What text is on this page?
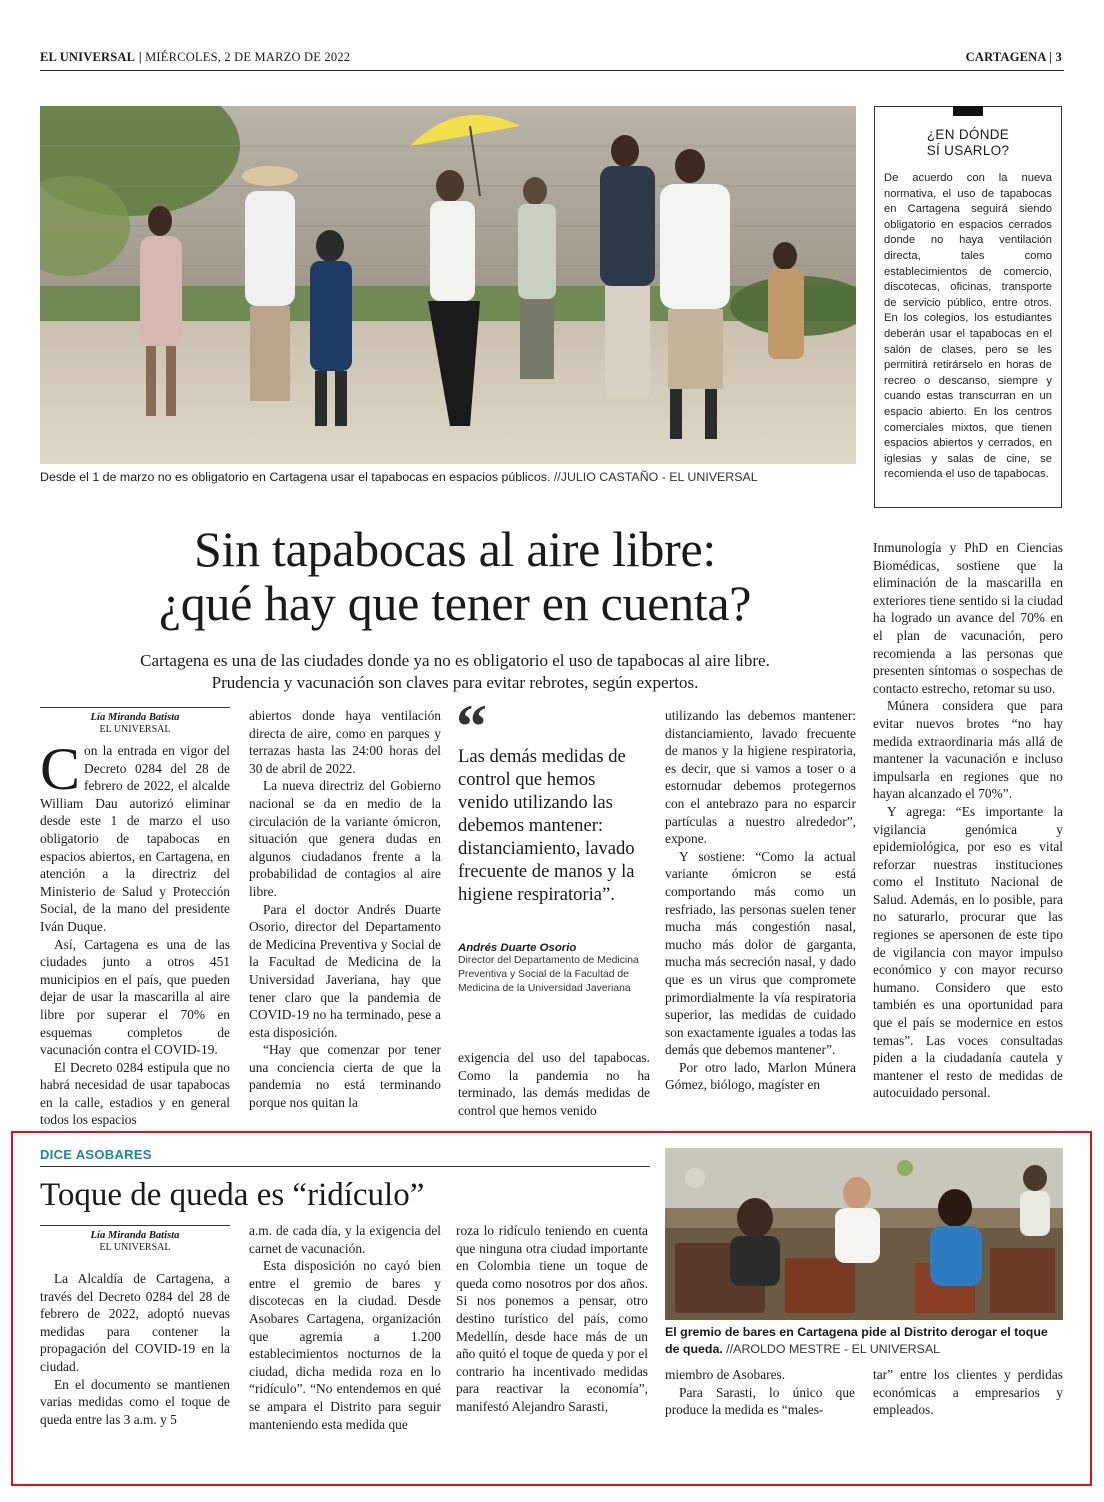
EL UNIVERSAL | MIÉRCOLES, 2 DE MARZO DE 2022	CARTAGENA | 3
Desde el 1 de marzo no es obligatorio en Cartagena usar el tapabocas en espacios públicos. //JULIO CASTAÑO - EL UNIVERSAL
¿EN DÓNDE
SÍ USARLO?

De acuerdo con la nueva normativa, el uso de tapabocas en Cartagena seguirá siendo obligatorio en espacios cerrados donde no haya ventilación directa, tales como establecimientos de comercio, discotecas, oficinas, transporte de servicio público, entre otros. En los colegios, los estudiantes deberán usar el tapabocas en el salón de clases, pero se les permitirá retirárselo en horas de recreo o descanso, siempre y cuando estas transcurran en un espacio abierto. En los centros comerciales mixtos, que tienen espacios abiertos y cerrados, en iglesias y salas de cine, se recomienda el uso de tapabocas.

Sin tapabocas al aire libre:
¿qué hay que tener en cuenta?
Cartagena es una de las ciudades donde ya no es obligatorio el uso de tapabocas al aire libre.
Prudencia y vacunación son claves para evitar rebrotes, según expertos.
Lía Miranda Batista
EL UNIVERSAL

Con la entrada en vigor del Decreto 0284 del 28 de febrero de 2022, el alcalde William Dau autorizó eliminar desde este 1 de marzo el uso obligatorio de tapabocas en espacios abiertos, en Cartagena, en atención a la directriz del Ministerio de Salud y Protección Social, de la mano del presidente Iván Duque.

Así, Cartagena es una de las ciudades junto a otros 451 municipios en el país, que pueden dejar de usar la mascarilla al aire libre por superar el 70% en esquemas completos de vacunación contra el COVID-19.

El Decreto 0284 estipula que no habrá necesidad de usar tapabocas en la calle, estadios y en general todos los espacios

abiertos donde haya ventilación directa de aire, como en parques y terrazas hasta las 24:00 horas del 30 de abril de 2022.

La nueva directriz del Gobierno nacional se da en medio de la circulación de la variante ómicron, situación que genera dudas en algunos ciudadanos frente a la probabilidad de contagios al aire libre.

Para el doctor Andrés Duarte Osorio, director del Departamento de Medicina Preventiva y Social de la Facultad de Medicina de la Universidad Javeriana, hay que tener claro que la pandemia de COVID-19 no ha terminado, pese a esta disposición.

“Hay que comenzar por tener una conciencia cierta de que la pandemia no está terminando porque nos quitan la

“
Las demás medidas de control que hemos venido utilizando las debemos mantener: distanciamiento, lavado frecuente de manos y la higiene respiratoria”.
Andrés Duarte Osorio
Director del Departamento de Medicina Preventiva y Social de la Facultad de Medicina de la Universidad Javeriana

exigencia del uso del tapabocas. Como la pandemia no ha terminado, las demás medidas de control que hemos venido

utilizando las debemos mantener: distanciamiento, lavado frecuente de manos y la higiene respiratoria, es decir, que si vamos a toser o a estornudar debemos protegernos con el antebrazo para no esparcir partículas a nuestro alrededor”, expone.

Y sostiene: “Como la actual variante ómicron se está comportando más como un resfriado, las personas suelen tener mucha más congestión nasal, mucho más dolor de garganta, mucha más secreción nasal, y dado que es un virus que compromete primordialmente la vía respiratoria superior, las medidas de cuidado son exactamente iguales a todas las demás que debemos mantener”.

Por otro lado, Marlon Múnera Gómez, biólogo, magíster en

Inmunología y PhD en Ciencias Biomédicas, sostiene que la eliminación de la mascarilla en exteriores tiene sentido si la ciudad ha logrado un avance del 70% en el plan de vacunación, pero recomienda a las personas que presenten síntomas o sospechas de contacto estrecho, retomar su uso.

Múnera considera que para evitar nuevos brotes “no hay medida extraordinaria más allá de mantener la vacunación e incluso impulsarla en regiones que no hayan alcanzado el 70%”.

Y agrega: “Es importante la vigilancia genómica y epidemiológica, por eso es vital reforzar nuestras instituciones como el Instituto Nacional de Salud. Además, en lo posible, para no saturarlo, procurar que las regiones se apersonen de este tipo de vigilancia con mayor impulso económico y con mayor recurso humano. Considero que esto también es una oportunidad para que el país se modernice en estos temas”. Las voces consultadas piden a la ciudadanía cautela y mantener el resto de medidas de autocuidado personal.

DICE ASOBARES
Toque de queda es “ridículo”
Lía Miranda Batista
EL UNIVERSAL

La Alcaldía de Cartagena, a través del Decreto 0284 del 28 de febrero de 2022, adoptó nuevas medidas para contener la propagación del COVID-19 en la ciudad.

En el documento se mantienen varias medidas como el toque de queda entre las 3 a.m. y 5

a.m. de cada día, y la exigencia del carnet de vacunación.

Esta disposición no cayó bien entre el gremio de bares y discotecas en la ciudad. Desde Asobares Cartagena, organización que agremia a 1.200 establecimientos nocturnos de la ciudad, dicha medida roza en lo “ridículo”. “No entendemos en qué se ampara el Distrito para seguir manteniendo esta medida que

roza lo ridículo teniendo en cuenta que ninguna otra ciudad importante en Colombia tiene un toque de queda como nosotros por dos años. Si nos ponemos a pensar, otro destino turístico del país, como Medellín, desde hace más de un año quitó el toque de queda y por el contrario ha incentivado medidas para reactivar la economía”, manifestó Alejandro Sarasti,

El gremio de bares en Cartagena pide al Distrito derogar el toque de queda. //AROLDO MESTRE - EL UNIVERSAL

miembro de Asobares.

Para Sarasti, lo único que produce la medida es “males-

tar” entre los clientes y perdidas económicas a empresarios y empleados.
